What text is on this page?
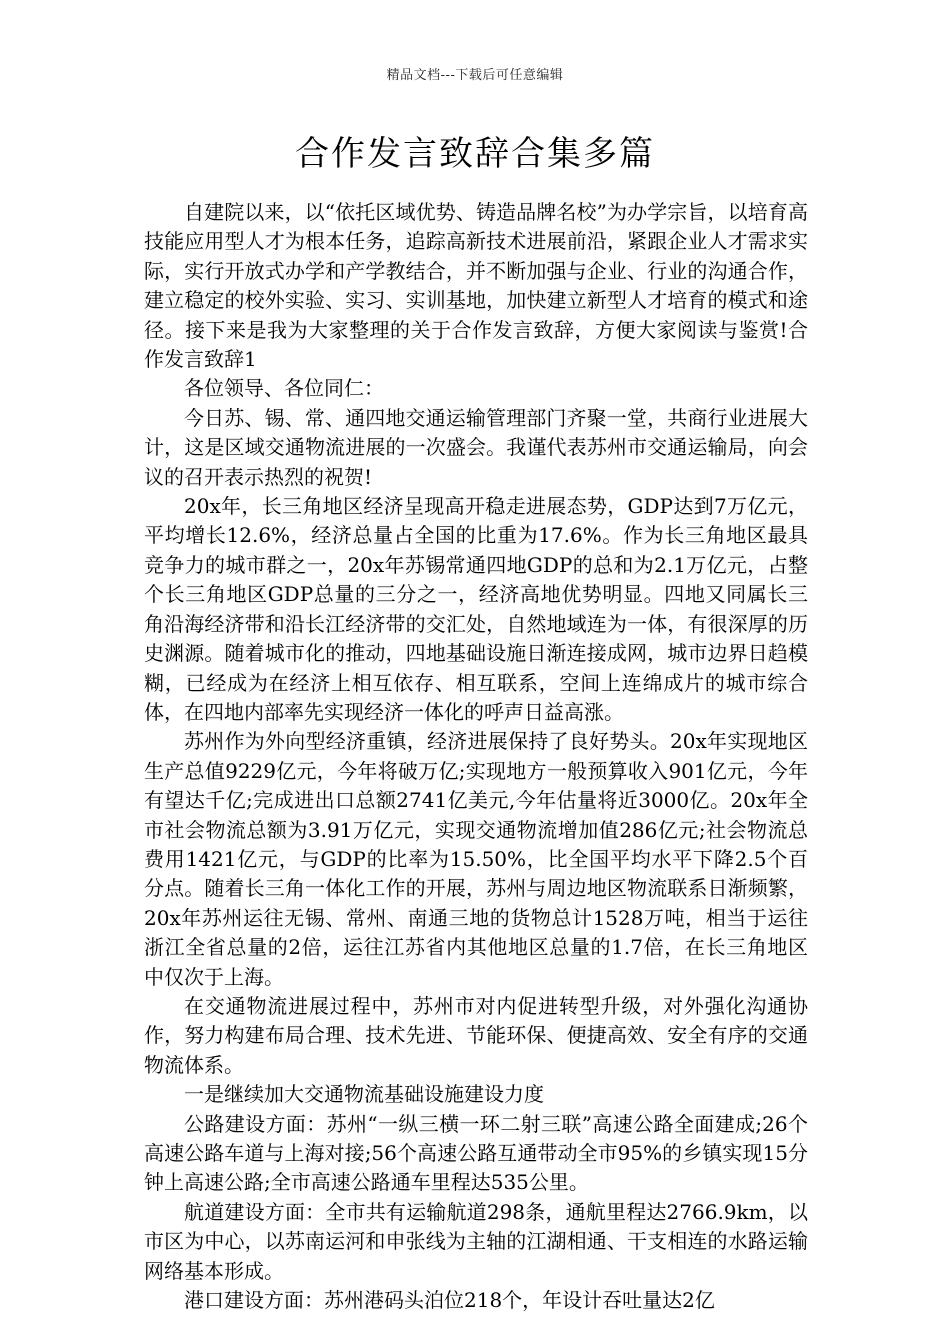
精品文档---下载后可任意编辑
合作发言致辞合集多篇

自建院以来，以“依托区域优势、铸造品牌名校”为办学宗旨，以培育高技能应用型人才为根本任务，追踪高新技术进展前沿，紧跟企业人才需求实际，实行开放式办学和产学教结合，并不断加强与企业、行业的沟通合作，建立稳定的校外实验、实习、实训基地，加快建立新型人才培育的模式和途径。接下来是我为大家整理的关于合作发言致辞，方便大家阅读与鉴赏!合作发言致辞1

各位领导、各位同仁：

今日苏、锡、常、通四地交通运输管理部门齐聚一堂，共商行业进展大计，这是区域交通物流进展的一次盛会。我谨代表苏州市交通运输局，向会议的召开表示热烈的祝贺!

20x年，长三角地区经济呈现高开稳走进展态势，GDP达到7万亿元，平均增长12.6%，经济总量占全国的比重为17.6%。作为长三角地区最具竞争力的城市群之一，20x年苏锡常通四地GDP的总和为2.1万亿元，占整个长三角地区GDP总量的三分之一，经济高地优势明显。四地又同属长三角沿海经济带和沿长江经济带的交汇处，自然地域连为一体，有很深厚的历史渊源。随着城市化的推动，四地基础设施日渐连接成网，城市边界日趋模糊，已经成为在经济上相互依存、相互联系，空间上连绵成片的城市综合体，在四地内部率先实现经济一体化的呼声日益高涨。

苏州作为外向型经济重镇，经济进展保持了良好势头。20x年实现地区生产总值9229亿元，今年将破万亿;实现地方一般预算收入901亿元，今年有望达千亿;完成进出口总额2741亿美元,今年估量将近3000亿。20x年全市社会物流总额为3.91万亿元，实现交通物流增加值286亿元;社会物流总费用1421亿元，与GDP的比率为15.50%，比全国平均水平下降2.5个百分点。随着长三角一体化工作的开展，苏州与周边地区物流联系日渐频繁，20x年苏州运往无锡、常州、南通三地的货物总计1528万吨，相当于运往浙江全省总量的2倍，运往江苏省内其他地区总量的1.7倍，在长三角地区中仅次于上海。

在交通物流进展过程中，苏州市对内促进转型升级，对外强化沟通协作，努力构建布局合理、技术先进、节能环保、便捷高效、安全有序的交通物流体系。

一是继续加大交通物流基础设施建设力度

公路建设方面：苏州“一纵三横一环二射三联”高速公路全面建成;26个高速公路车道与上海对接;56个高速公路互通带动全市95%的乡镇实现15分钟上高速公路;全市高速公路通车里程达535公里。

航道建设方面：全市共有运输航道298条，通航里程达2766.9km，以市区为中心，以苏南运河和申张线为主轴的江湖相通、干支相连的水路运输网络基本形成。

港口建设方面：苏州港码头泊位218个，年设计吞吐量达2亿
